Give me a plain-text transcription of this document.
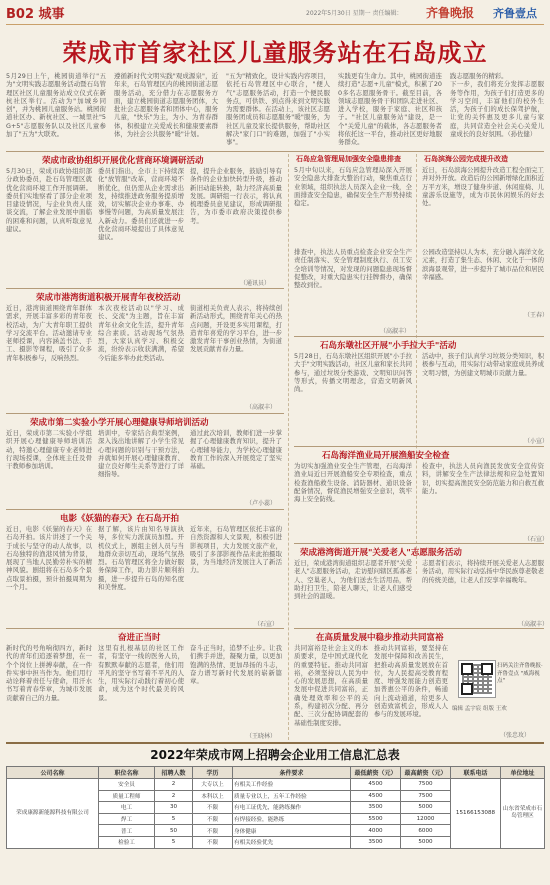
B02 城事	2022年5月30日 星期一 责任编辑： 齐鲁晚报 齐鲁壹点
荣成市首家社区儿童服务站在石岛成立
5月29日上午，桃园街道举行"五为"文明实践志愿服务活动暨石岛管理区社区儿童服务站成立仪式在新杭社区举行。活动为"加城乡同创"，并为桃园儿童服务站。桃园街道社区办、新杭社区、一城里社"5G+5"志愿服务队以及社区儿童参加了"五为"大联欢。
遵循新时代文明实践"观成源泉"，近年来，石岛管理区内的桃园街道志愿服务活动，充分借力在志愿服务方面，建立桃园街道志愿服务团体，大批社会志愿服务者和团体中心，服务儿童，"快乐"为主，为小、为青春群体，积极建立关爱成长和健康要素群体，为社会公共服务"暖"计划。
"五为"精致化，设计实践内容项目，依托石岛管理区中心联合，"便人气"志愿服务活动，打造一个便民服务点，可供铁、到点得来到文明实践为需要群体。在活动上，该社区志愿服务团成员和志愿服务"暖"服务，为社区儿童及家长提供服务，帮助社区解决"家门口"的难题，加强了"小实事"。
实践更有生命力。其中，桃园街道连续打造"志愿+儿童"模式，积累了200多名志愿服务骨干。截至目前，各领域志愿服务骨干和团队走进社区、进入学校，服务于家庭、社区和孩子。"社区儿童服务站"建设，是一个"关爱儿童"的载体，各志愿服务者将依托这一平台，推动社区更好地服务群众。
践志愿服务的精彩。
下一步，我们将充分发挥志愿服务等作用，为孩子们打造更多的学习空间，丰富他们的校外生活，为孩子们的成长保驾护航，让党的关怀惠及更多儿童与家庭，共同营造全社会关心关爱儿童成长的良好氛围。（孙佐健）
荣成市政协组织开展优化营商环境调研活动
5月30日，荣成市政协组织部分政协委员，赴石岛管理区就优化营商环境工作开展调研。委员们实地察看了部分企业项目建设情况，与企业负责人座谈交流，了解企业发展中面临的困难和问题，认真听取意见建议。
委员们指出，全市上下持续深化"放管服"改革，营商环境不断优化，但仍需从企业需求出发，持续推进政务服务提质增效，切实解决企业办事难、办事慢等问题，为高质量发展注入新动力。委员们还就进一步优化营商环境提出了具体意见建议。
提，提升企业服务，鼓励引导有条件的企业加快转型升级，推动新旧动能转换，助力经济高质量发展。调研组一行表示，将认真梳理委员意见建议，形成调研报告，为市委市政府决策提供参考。
（通讯员）
荣成市港湾街道积极开展青年夜校活动
近日，港湾街道围绕青年群体需求，开展丰富多彩的青年夜校活动，为广大青年职工提供学习交流平台。活动邀请专业老师授课，内容涵盖书法、手工、摄影等课程，吸引了众多青年积极参与，反响热烈。
本次夜校活动以"学习、成长、交流"为主题，旨在丰富青年业余文化生活，提升青年综合素质。活动现场气氛热烈，大家认真学习、积极交流，纷纷表示收获满满，希望今后能多举办此类活动。
街道相关负责人表示，将持续创新活动形式，围绕青年关心的热点问题，开设更多实用课程，打造青年喜爱的学习平台，进一步激发青年干事创业热情，为街道发展贡献青春力量。
（高淑丰）
荣成市第二实验小学开展心理健康导师培训活动
近日，荣成市第二实验小学组织开展心理健康导师培训活动，特邀心理健康专业老师进行现场授课，全体班主任及骨干教师参加培训。
培训中，专家结合典型案例，深入浅出地讲解了小学生常见心理问题的识别与干预方法，并就如何开展心理健康教育、建立良好师生关系等进行了详细指导。
通过此次培训，教师们进一步掌握了心理健康教育知识，提升了心理辅导能力，为学校心理健康教育工作的深入开展奠定了坚实基础。
（卢小蕊）
电影《妖猫的春天》在石岛开拍
近日，电影《妖猫的春天》在石岛开拍。该片讲述了一个关于成长与坚守的动人故事，以石岛独特的渔港风情为背景，展现了当地人民勤劳朴实的精神风貌。剧组将在石岛多个景点取景拍摄，预计拍摄周期为一个月。
据了解，该片由知名导演执导，多位实力派演员加盟。开机仪式上，剧组主创人员与当地群众亲切互动，现场气氛热烈。石岛管理区将全力做好服务保障工作，助力影片顺利拍摄，进一步提升石岛的知名度和美誉度。
近年来，石岛管理区依托丰富的自然资源和人文景观，积极引进影视项目，大力发展文旅产业，吸引了多部影视作品来此拍摄取景，为当地经济发展注入了新活力。
（石宣）
奋进正当时
新时代的号角响彻四方，新时代的青年们追逐着梦想，在一个个岗位上拼搏奉献，在一件件实事中担当作为。他们用行动诠释着责任与使命，用汗水书写着青春华章，为城市发展贡献着自己的力量。
这里有扎根基层的社区工作者，有坚守一线的医务人员，有默默奉献的志愿者，他们用平凡的坚守书写着不平凡的人生，用实际行动践行着初心使命，成为这个时代最美的风景。
奋斗正当时，追梦不止步。让我们携手并进，凝聚力量，以更加饱满的热情、更加昂扬的斗志，奋力谱写新时代发展的崭新篇章。
（王晓林）
石岛应急管理局加强安全隐患排查
5月中旬以来，石岛应急管理局深入开展安全隐患大排查大整治行动，聚焦重点行业领域，组织执法人员深入企业一线，全面排查安全隐患，确保安全生产形势持续稳定。
排查中，执法人员重点检查企业安全生产责任制落实、安全管理制度执行、员工安全培训等情况，对发现的问题隐患现场督促整改，对重大隐患实行挂牌督办，确保整改到位。
（高淑丰）
石岛滨海公园完成提升改造
近日，石岛滨海公园提升改造工程全面完工并对外开放。改造后的公园新增绿化面积近万平方米，增设了健身步道、休闲座椅、儿童游乐设施等，成为市民休闲娱乐的好去处。
公园改造坚持以人为本，充分融入海洋文化元素，打造了集生态、休闲、文化于一体的滨海景观带，进一步提升了城市品位和居民幸福感。
（王春）
石岛东墩社区开展"小手拉大手"活动
5月28日，石岛东墩社区组织开展"小手拉大手"文明实践活动，社区儿童和家长共同参与，通过垃圾分类游戏、文明知识问答等形式，传播文明理念，营造文明新风尚。
活动中，孩子们认真学习垃圾分类知识，积极参与互动，用实际行动带动家庭成员养成文明习惯，为创建文明城市贡献力量。
（小宣）
石岛海洋渔业局开展渔船安全检查
为切实加强渔业安全生产管理，石岛海洋渔业局近日开展渔船安全专项检查，重点检查渔船救生设备、消防器材、通讯设备配备情况，督促渔民增强安全意识，筑牢海上安全防线。
检查中，执法人员向渔民发放安全宣传资料，讲解安全生产法律法规和应急处置知识，切实提高渔民安全防范能力和自救互救能力。
（石宣）
荣成港湾街道开展"关爱老人"志愿服务活动
近日，荣成港湾街道组织志愿者开展"关爱老人"志愿服务活动，走访慰问辖区孤寡老人、空巢老人，为他们送去生活用品，帮助打扫卫生，陪老人聊天，让老人们感受到社会的温暖。
志愿者们表示，将持续开展关爱老人志愿服务活动，用实际行动弘扬中华民族尊老敬老的传统美德，让老人们安享幸福晚年。
（高淑丰）
在高质量发展中稳步推动共同富裕
共同富裕是社会主义的本质要求，是中国式现代化的重要特征。推动共同富裕，必须坚持以人民为中心的发展思想，在高质量发展中促进共同富裕，正确处理效率和公平的关系，构建初次分配、再分配、三次分配协调配套的基础性制度安排。
推动共同富裕，要坚持在发展中保障和改善民生，把推动高质量发展放在首位，为人民提高受教育程度、增强发展能力创造更加普惠公平的条件，畅通向上流动通道，给更多人创造致富机会，形成人人参与的发展环境。
（张忠玫）
扫码关注齐鲁晚报·齐鲁壹点 "威海视点"
编辑 孟宇宸 组版 王欢
2022年荣成市网上招聘会企业用工信息汇总表
公司名称	职位名称	招聘人数	学历	条件要求	最低薪资（元）	最高薪资（元）	联系电话	单位地址
荣成康源新能源科技有限公司	安全员	2	大专以上	有相关工作经验	4500	7500	15166153088	山东省荣成市石岛管理区
	质量工程师	2	本科以上	质量专业以上，五年工作经验	4500	7500		
	电工	30	不限	有电工证优先，能熟练操作	3500	5000		
	焊工	5	不限	有焊接经验，能熟练	5500	12000		
	普工	50	不限	身体健康	4000	6000		
	检验工	5	不限	有相关经验优先	3500	5000		
